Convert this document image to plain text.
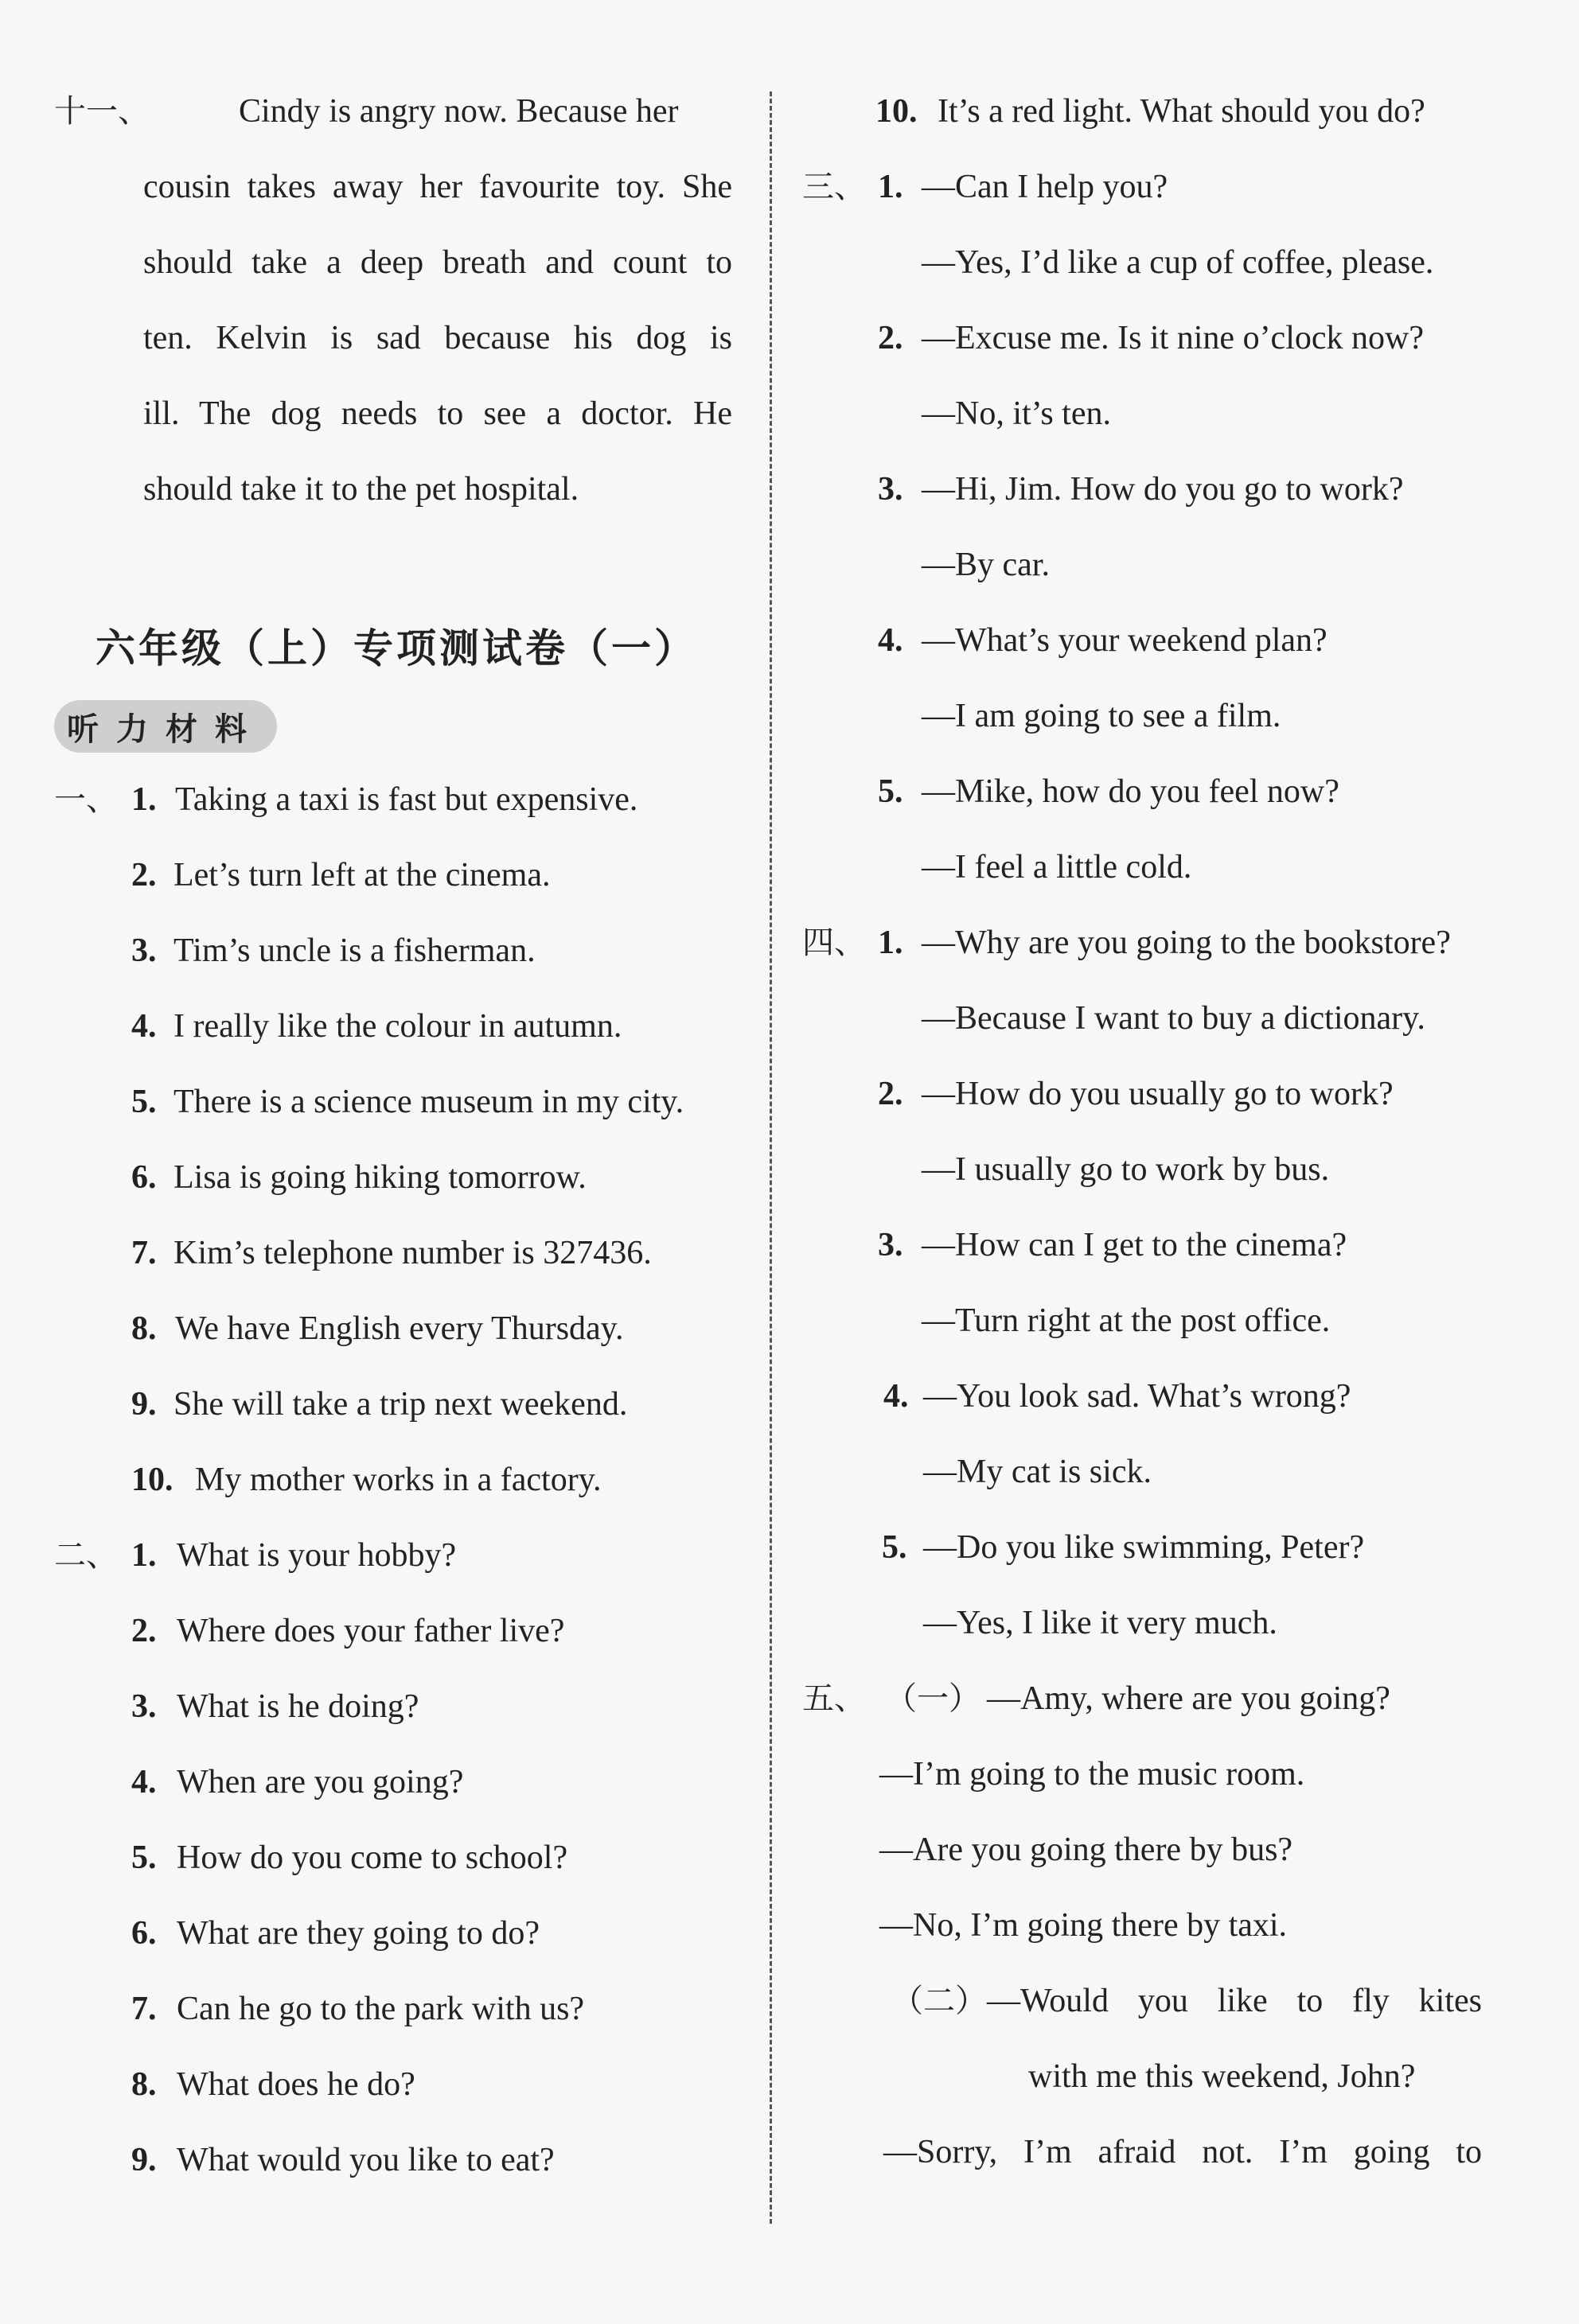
十一、	Cindy is angry now. Because her
cousin takes away her favourite toy. She
should take a deep breath and count to
ten. Kelvin is sad because his dog is
ill. The dog needs to see a doctor. He
should take it to the pet hospital.
六年级（上）专项测试卷（一）
听力材料
一、 1. Taking a taxi is fast but expensive.
2. Let’s turn left at the cinema.
3. Tim’s uncle is a fisherman.
4. I really like the colour in autumn.
5. There is a science museum in my city.
6. Lisa is going hiking tomorrow.
7. Kim’s telephone number is 327436.
8. We have English every Thursday.
9. She will take a trip next weekend.
10. My mother works in a factory.
二、 1. What is your hobby?
2. Where does your father live?
3. What is he doing?
4. When are you going?
5. How do you come to school?
6. What are they going to do?
7. Can he go to the park with us?
8. What does he do?
9. What would you like to eat?
10. It’s a red light. What should you do?
三、 1. —Can I help you?
—Yes, I’d like a cup of coffee, please.
2. —Excuse me. Is it nine o’clock now?
—No, it’s ten.
3. —Hi, Jim. How do you go to work?
—By car.
4. —What’s your weekend plan?
—I am going to see a film.
5. —Mike, how do you feel now?
—I feel a little cold.
四、 1. —Why are you going to the bookstore?
—Because I want to buy a dictionary.
2. —How do you usually go to work?
—I usually go to work by bus.
3. —How can I get to the cinema?
—Turn right at the post office.
4. —You look sad. What’s wrong?
—My cat is sick.
5. —Do you like swimming, Peter?
—Yes, I like it very much.
五、 （一） —Amy, where are you going?
—I’m going to the music room.
—Are you going there by bus?
—No, I’m going there by taxi.
（二） —Would you like to fly kites
with me this weekend, John?
—Sorry, I’m afraid not. I’m going to
